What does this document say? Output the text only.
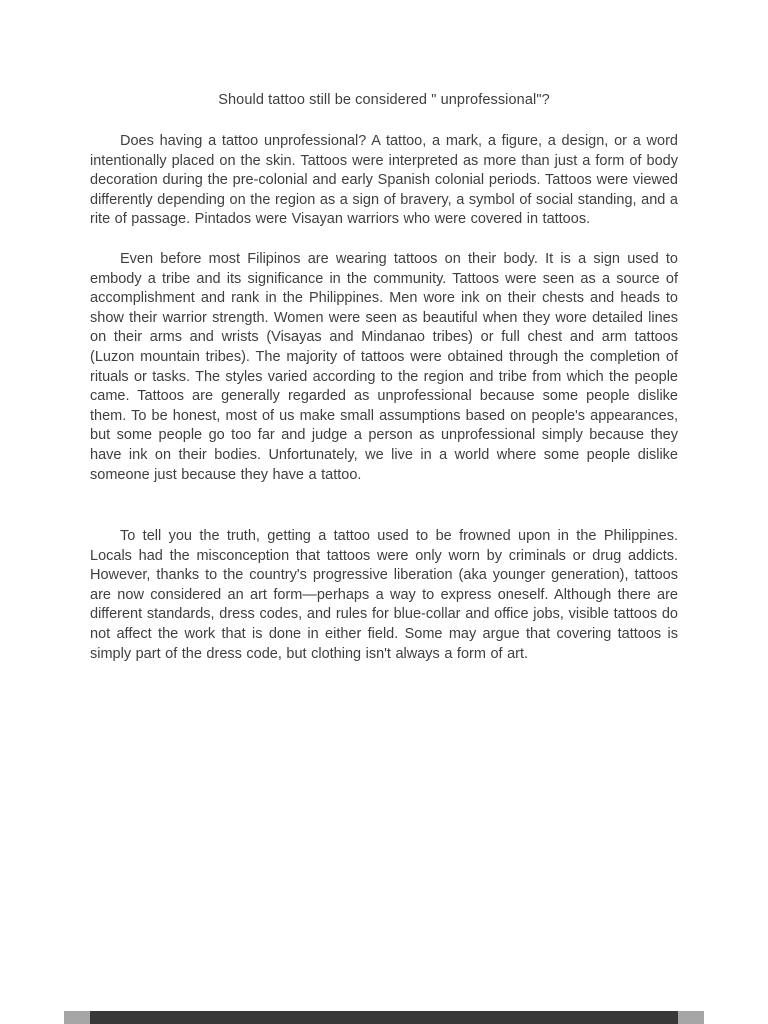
Should tattoo still be considered " unprofessional"?

Does having a tattoo unprofessional? A tattoo, a mark, a figure, a design, or a word intentionally placed on the skin. Tattoos were interpreted as more than just a form of body decoration during the pre-colonial and early Spanish colonial periods. Tattoos were viewed differently depending on the region as a sign of bravery, a symbol of social standing, and a rite of passage. Pintados were Visayan warriors who were covered in tattoos.

Even before most Filipinos are wearing tattoos on their body. It is a sign used to embody a tribe and its significance in the community. Tattoos were seen as a source of accomplishment and rank in the Philippines. Men wore ink on their chests and heads to show their warrior strength. Women were seen as beautiful when they wore detailed lines on their arms and wrists (Visayas and Mindanao tribes) or full chest and arm tattoos (Luzon mountain tribes). The majority of tattoos were obtained through the completion of rituals or tasks. The styles varied according to the region and tribe from which the people came. Tattoos are generally regarded as unprofessional because some people dislike them. To be honest, most of us make small assumptions based on people's appearances, but some people go too far and judge a person as unprofessional simply because they have ink on their bodies. Unfortunately, we live in a world where some people dislike someone just because they have a tattoo.

To tell you the truth, getting a tattoo used to be frowned upon in the Philippines. Locals had the misconception that tattoos were only worn by criminals or drug addicts. However, thanks to the country's progressive liberation (aka younger generation), tattoos are now considered an art form—perhaps a way to express oneself. Although there are different standards, dress codes, and rules for blue-collar and office jobs, visible tattoos do not affect the work that is done in either field. Some may argue that covering tattoos is simply part of the dress code, but clothing isn't always a form of art.
